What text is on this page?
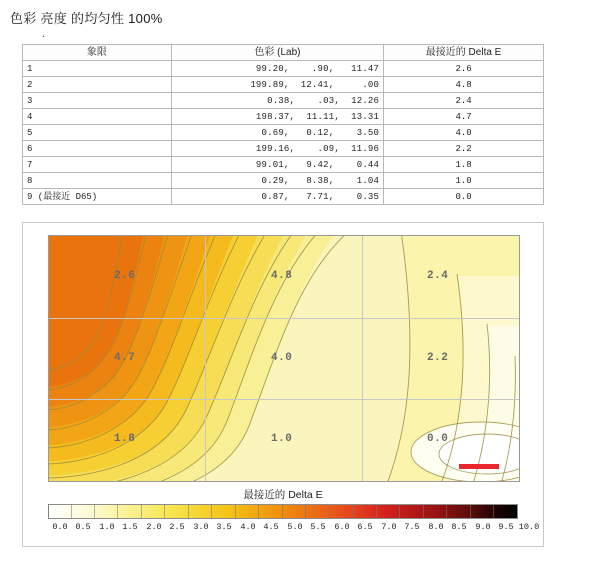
色彩 亮度 的均匀性 100%
.
象限	色彩 (Lab)	最接近的 Delta E
1	99.20,    .90,   11.47	2.6
2	199.89,  12.41,     .00	4.8
3	0.38,    .03,  12.26	2.4
4	198.37,  11.11,  13.31	4.7
5	0.69,   0.12,    3.50	4.0
6	199.16,    .09,  11.96	2.2
7	99.01,   9.42,    0.44	1.8
8	0.29,   8.38,    1.04	1.0
9 (最接近 D65)	0.87,   7.71,    0.35	0.0
2.6	4.8	2.4
4.7	4.0	2.2
1.8	1.0	0.0
最接近的 Delta E
0.0 0.5 1.0 1.5 2.0 2.5 3.0 3.5 4.0 4.5 5.0 5.5 6.0 6.5 7.0 7.5 8.0 8.5 9.0 9.5 10.0
